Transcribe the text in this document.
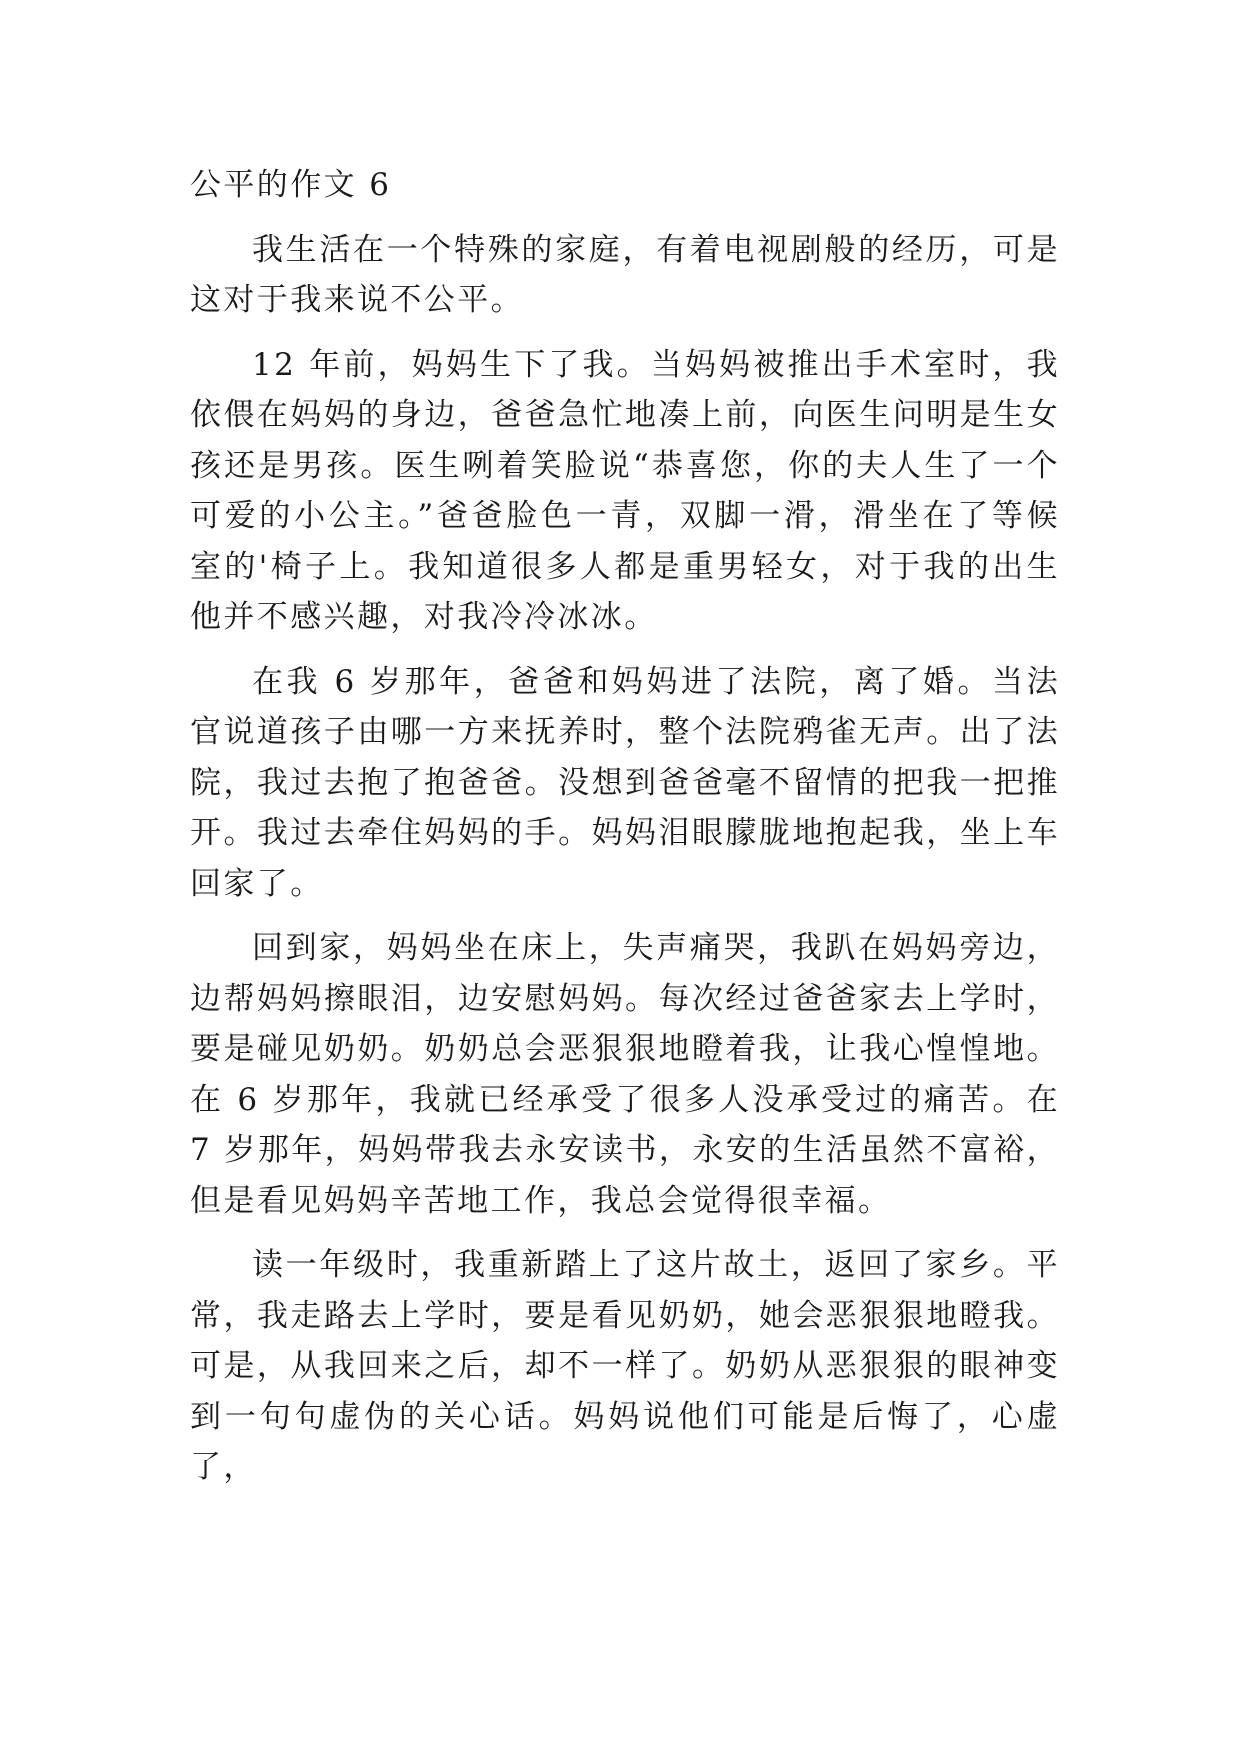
公平的作文 6

我生活在一个特殊的家庭，有着电视剧般的经历，可是这对于我来说不公平。

12 年前，妈妈生下了我。当妈妈被推出手术室时，我依偎在妈妈的身边，爸爸急忙地凑上前，向医生问明是生女孩还是男孩。医生咧着笑脸说“恭喜您，你的夫人生了一个可爱的小公主。”爸爸脸色一青，双脚一滑，滑坐在了等候室的'椅子上。我知道很多人都是重男轻女，对于我的出生他并不感兴趣，对我冷冷冰冰。

在我 6 岁那年，爸爸和妈妈进了法院，离了婚。当法官说道孩子由哪一方来抚养时，整个法院鸦雀无声。出了法院，我过去抱了抱爸爸。没想到爸爸毫不留情的把我一把推开。我过去牵住妈妈的手。妈妈泪眼朦胧地抱起我，坐上车回家了。

回到家，妈妈坐在床上，失声痛哭，我趴在妈妈旁边，边帮妈妈擦眼泪，边安慰妈妈。每次经过爸爸家去上学时，要是碰见奶奶。奶奶总会恶狠狠地瞪着我，让我心惶惶地。在 6 岁那年，我就已经承受了很多人没承受过的痛苦。在 7 岁那年，妈妈带我去永安读书，永安的生活虽然不富裕，但是看见妈妈辛苦地工作，我总会觉得很幸福。

读一年级时，我重新踏上了这片故土，返回了家乡。平常，我走路去上学时，要是看见奶奶，她会恶狠狠地瞪我。可是，从我回来之后，却不一样了。奶奶从恶狠狠的眼神变到一句句虚伪的关心话。妈妈说他们可能是后悔了，心虚了，
